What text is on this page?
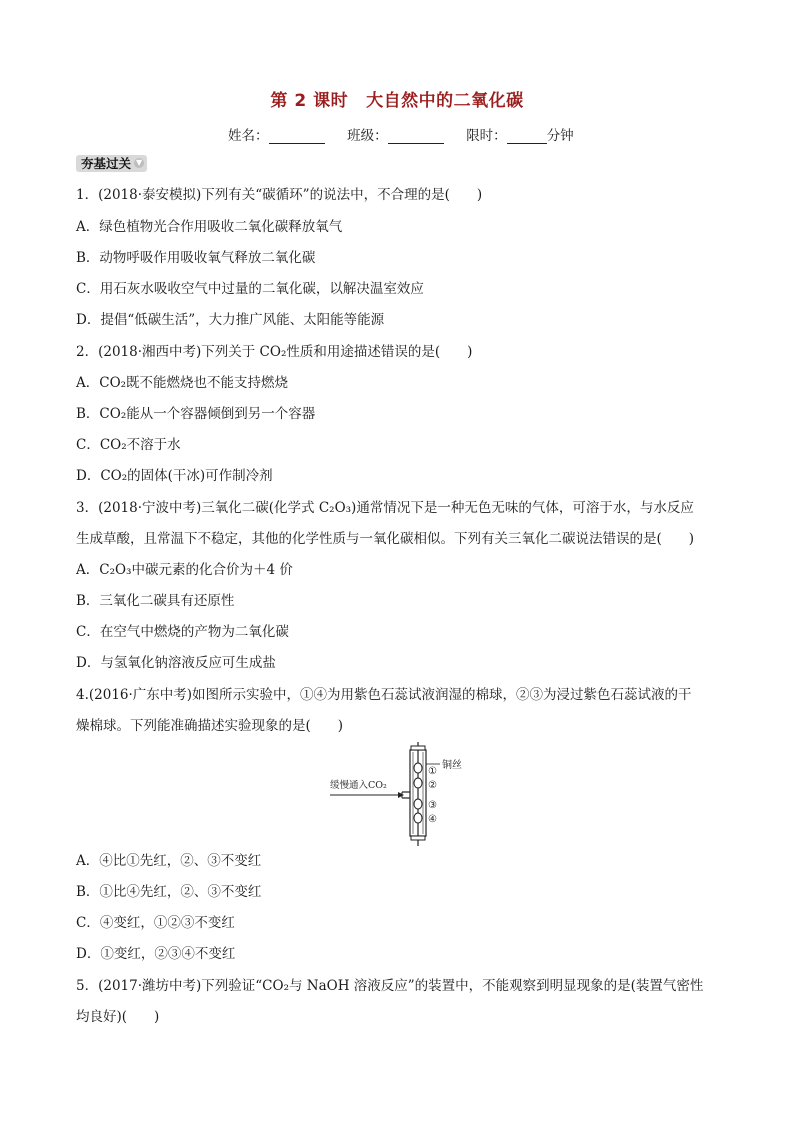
第 2 课时 大自然中的二氧化碳
姓名：	班级：	限时：	分钟
夯基过关 ▼
1．(2018·泰安模拟)下列有关“碳循环”的说法中，不合理的是(　　)
A．绿色植物光合作用吸收二氧化碳释放氧气
B．动物呼吸作用吸收氧气释放二氧化碳
C．用石灰水吸收空气中过量的二氧化碳，以解决温室效应
D．提倡“低碳生活”，大力推广风能、太阳能等能源
2．(2018·湘西中考)下列关于 CO₂性质和用途描述错误的是(　　)
A．CO₂既不能燃烧也不能支持燃烧
B．CO₂能从一个容器倾倒到另一个容器
C．CO₂不溶于水
D．CO₂的固体(干冰)可作制冷剂
3．(2018·宁波中考)三氧化二碳(化学式 C₂O₃)通常情况下是一种无色无味的气体，可溶于水，与水反应
生成草酸，且常温下不稳定，其他的化学性质与一氧化碳相似。下列有关三氧化二碳说法错误的是(　　)
A．C₂O₃中碳元素的化合价为＋4 价
B．三氧化二碳具有还原性
C．在空气中燃烧的产物为二氧化碳
D．与氢氧化钠溶液反应可生成盐
4.(2016·广东中考)如图所示实验中，①④为用紫色石蕊试液润湿的棉球，②③为浸过紫色石蕊试液的干
燥棉球。下列能准确描述实验现象的是(　　)
铜丝
缓慢通入CO₂
①
②
③
④
A．④比①先红，②、③不变红
B．①比④先红，②、③不变红
C．④变红，①②③不变红
D．①变红，②③④不变红
5．(2017·潍坊中考)下列验证“CO₂与 NaOH 溶液反应”的装置中，不能观察到明显现象的是(装置气密性
均良好)(　　)
